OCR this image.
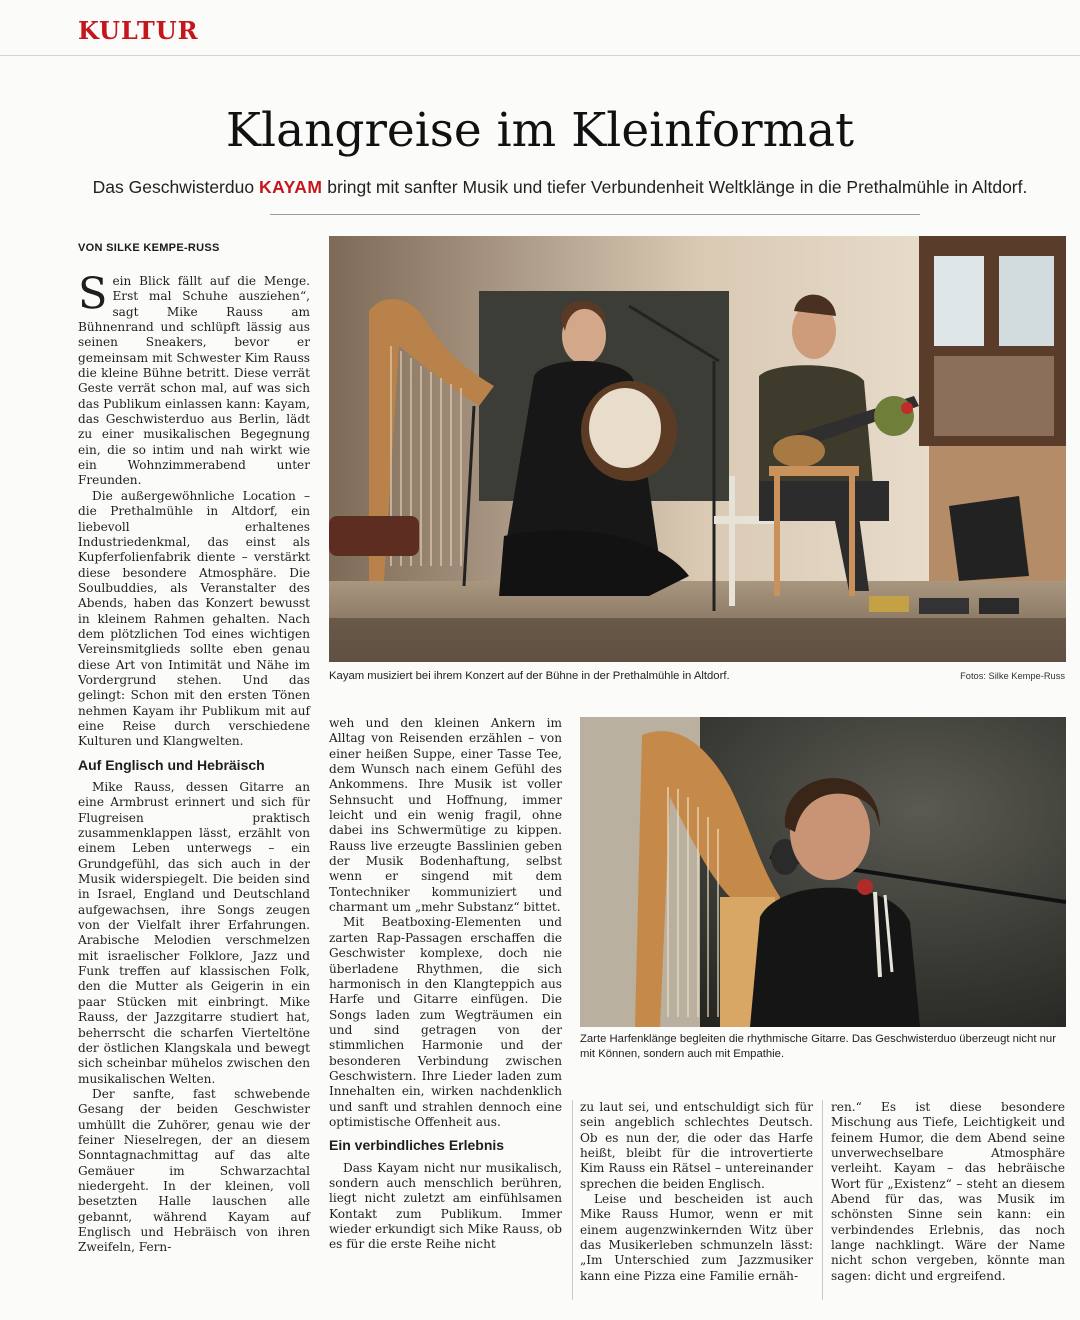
KULTUR
Klangreise im Kleinformat
Das Geschwisterduo KAYAM bringt mit sanfter Musik und tiefer Verbundenheit Weltklänge in die Prethalmühle in Altdorf.
VON SILKE KEMPE-RUSS

Sein Blick fällt auf die Menge. Erst mal Schuhe ausziehen“, sagt Mike Rauss am Bühnenrand und schlüpft lässig aus seinen Sneakers, bevor er gemeinsam mit Schwester Kim Rauss die kleine Bühne betritt. Diese verrät Geste verrät schon mal, auf was sich das Publikum einlassen kann: Kayam, das Geschwisterduo aus Berlin, lädt zu einer musikalischen Begegnung ein, die so intim und nah wirkt wie ein Wohnzimmerabend unter Freunden.

Die außergewöhnliche Location – die Prethalmühle in Altdorf, ein liebevoll erhaltenes Industriedenkmal, das einst als Kupferfolienfabrik diente – verstärkt diese besondere Atmosphäre. Die Soulbuddies, als Veranstalter des Abends, haben das Konzert bewusst in kleinem Rahmen gehalten. Nach dem plötzlichen Tod eines wichtigen Vereinsmitglieds sollte eben genau diese Art von Intimität und Nähe im Vordergrund stehen. Und das gelingt: Schon mit den ersten Tönen nehmen Kayam ihr Publikum mit auf eine Reise durch verschiedene Kulturen und Klangwelten.

Auf Englisch und Hebräisch

Mike Rauss, dessen Gitarre an eine Armbrust erinnert und sich für Flugreisen praktisch zusammenklappen lässt, erzählt von einem Leben unterwegs – ein Grundgefühl, das sich auch in der Musik widerspiegelt. Die beiden sind in Israel, England und Deutschland aufgewachsen, ihre Songs zeugen von der Vielfalt ihrer Erfahrungen. Arabische Melodien verschmelzen mit israelischer Folklore, Jazz und Funk treffen auf klassischen Folk, den die Mutter als Geigerin in ein paar Stücken mit einbringt. Mike Rauss, der Jazzgitarre studiert hat, beherrscht die scharfen Vierteltöne der östlichen Klangskala und bewegt sich scheinbar mühelos zwischen den musikalischen Welten.

Der sanfte, fast schwebende Gesang der beiden Geschwister umhüllt die Zuhörer, genau wie der feiner Nieselregen, der an diesem Sonntagnachmittag auf das alte Gemäuer im Schwarzachtal niedergeht. In der kleinen, voll besetzten Halle lauschen alle gebannt, während Kayam auf Englisch und Hebräisch von ihren Zweifeln, Fern-

weh und den kleinen Ankern im Alltag von Reisenden erzählen – von einer heißen Suppe, einer Tasse Tee, dem Wunsch nach einem Gefühl des Ankommens. Ihre Musik ist voller Sehnsucht und Hoffnung, immer leicht und ein wenig fragil, ohne dabei ins Schwermütige zu kippen. Rauss live erzeugte Basslinien geben der Musik Bodenhaftung, selbst wenn er singend mit dem Tontechniker kommuniziert und charmant um „mehr Substanz“ bittet.

Mit Beatboxing-Elementen und zarten Rap-Passagen erschaffen die Geschwister komplexe, doch nie überladene Rhythmen, die sich harmonisch in den Klangteppich aus Harfe und Gitarre einfügen. Die Songs laden zum Wegträumen ein und sind getragen von der stimmlichen Harmonie und der besonderen Verbindung zwischen Geschwistern. Ihre Lieder laden zum Innehalten ein, wirken nachdenklich und sanft und strahlen dennoch eine optimistische Offenheit aus.

Ein verbindliches Erlebnis

Dass Kayam nicht nur musikalisch, sondern auch menschlich berühren, liegt nicht zuletzt am einfühlsamen Kontakt zum Publikum. Immer wieder erkundigt sich Mike Rauss, ob es für die erste Reihe nicht

zu laut sei, und entschuldigt sich für sein angeblich schlechtes Deutsch. Ob es nun der, die oder das Harfe heißt, bleibt für die introvertierte Kim Rauss ein Rätsel – untereinander sprechen die beiden Englisch.

Leise und bescheiden ist auch Mike Rauss Humor, wenn er mit einem augenzwinkernden Witz über das Musikerleben schmunzeln lässt: „Im Unterschied zum Jazzmusiker kann eine Pizza eine Familie ernäh-

ren.“ Es ist diese besondere Mischung aus Tiefe, Leichtigkeit und feinem Humor, die dem Abend seine unverwechselbare Atmosphäre verleiht. Kayam – das hebräische Wort für „Existenz“ – steht an diesem Abend für das, was Musik im schönsten Sinne sein kann: ein verbindendes Erlebnis, das noch lange nachklingt. Wäre der Name nicht schon vergeben, könnte man sagen: dicht und ergreifend.

Kayam musiziert bei ihrem Konzert auf der Bühne in der Prethalmühle in Altdorf.	Fotos: Silke Kempe-Russ
Zarte Harfenklänge begleiten die rhythmische Gitarre. Das Geschwisterduo überzeugt nicht nur mit Können, sondern auch mit Empathie.
